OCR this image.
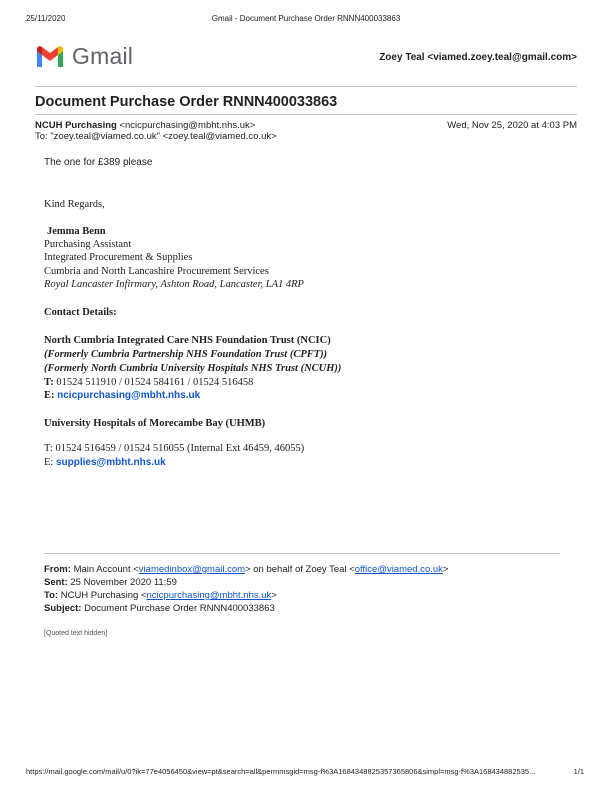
25/11/2020	Gmail - Document Purchase Order RNNN400033863
Gmail	Zoey Teal <viamed.zoey.teal@gmail.com>
Document Purchase Order RNNN400033863
NCUH Purchasing <ncicpurchasing@mbht.nhs.uk>	Wed, Nov 25, 2020 at 4:03 PM
To: "zoey.teal@viamed.co.uk" <zoey.teal@viamed.co.uk>
The one for £389 please
Kind Regards,
Jemma Benn
Purchasing Assistant
Integrated Procurement & Supplies
Cumbria and North Lancashire Procurement Services
Royal Lancaster Infirmary, Ashton Road, Lancaster, LA1 4RP
Contact Details:
North Cumbria Integrated Care NHS Foundation Trust (NCIC)
(Formerly Cumbria Partnership NHS Foundation Trust (CPFT))
(Formerly North Cumbria University Hospitals NHS Trust (NCUH))
T: 01524 511910 / 01524 584161 / 01524 516458
E: ncicpurchasing@mbht.nhs.uk
University Hospitals of Morecambe Bay (UHMB)
T: 01524 516459 / 01524 516055 (Internal Ext 46459, 46055)
E: supplies@mbht.nhs.uk
From: Main Account <viamedinbox@gmail.com> on behalf of Zoey Teal <office@viamed.co.uk>
Sent: 25 November 2020 11:59
To: NCUH Purchasing <ncicpurchasing@mbht.nhs.uk>
Subject: Document Purchase Order RNNN400033863
[Quoted text hidden]
https://mail.google.com/mail/u/0?ik=77e4056450&view=pt&search=all&permmsgid=msg-f%3A1684348825357365806&simpl=msg-f%3A168434882535...	1/1
